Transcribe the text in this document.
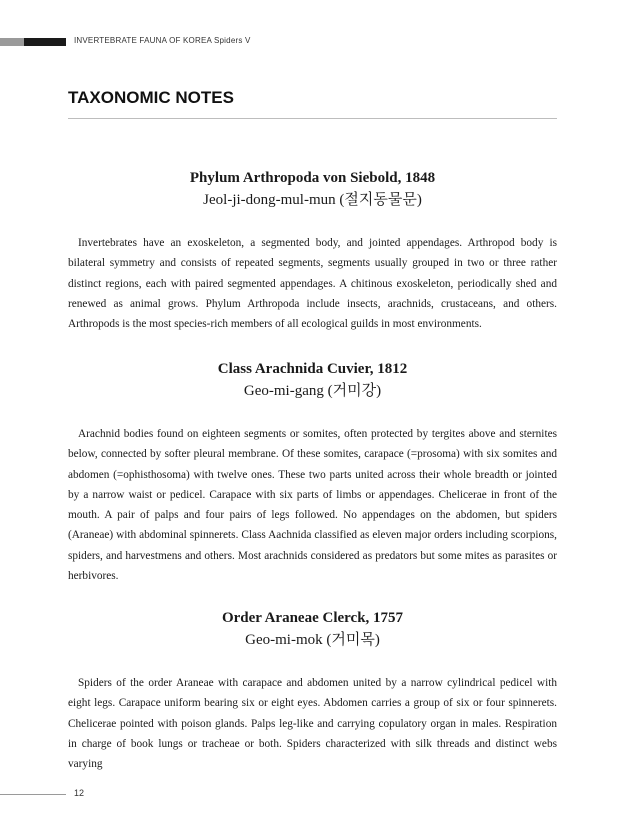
INVERTEBRATE FAUNA OF KOREA Spiders V
TAXONOMIC NOTES

Phylum Arthropoda von Siebold, 1848

Jeol-ji-dong-mul-mun (절지동물문)

Invertebrates have an exoskeleton, a segmented body, and jointed appendages. Arthropod body is bilateral symmetry and consists of repeated segments, segments usually grouped in two or three rather distinct regions, each with paired segmented appendages. A chitinous exoskeleton, periodically shed and renewed as animal grows. Phylum Arthropoda include insects, arachnids, crustaceans, and others. Arthropods is the most species-rich members of all ecological guilds in most environments.

Class Arachnida Cuvier, 1812

Geo-mi-gang (거미강)

Arachnid bodies found on eighteen segments or somites, often protected by tergites above and sternites below, connected by softer pleural membrane. Of these somites, carapace (=prosoma) with six somites and abdomen (=ophisthosoma) with twelve ones. These two parts united across their whole breadth or jointed by a narrow waist or pedicel. Carapace with six parts of limbs or appendages. Chelicerae in front of the mouth. A pair of palps and four pairs of legs followed. No appendages on the abdomen, but spiders (Araneae) with abdominal spinnerets. Class Aachnida classified as eleven major orders including scorpions, spiders, and harvestmens and others. Most arachnids considered as predators but some mites as parasites or herbivores.

Order Araneae Clerck, 1757

Geo-mi-mok (거미목)

Spiders of the order Araneae with carapace and abdomen united by a narrow cylindrical pedicel with eight legs. Carapace uniform bearing six or eight eyes. Abdomen carries a group of six or four spinnerets. Chelicerae pointed with poison glands. Palps leg-like and carrying copulatory organ in males. Respiration in charge of book lungs or tracheae or both. Spiders characterized with silk threads and distinct webs varying

12
